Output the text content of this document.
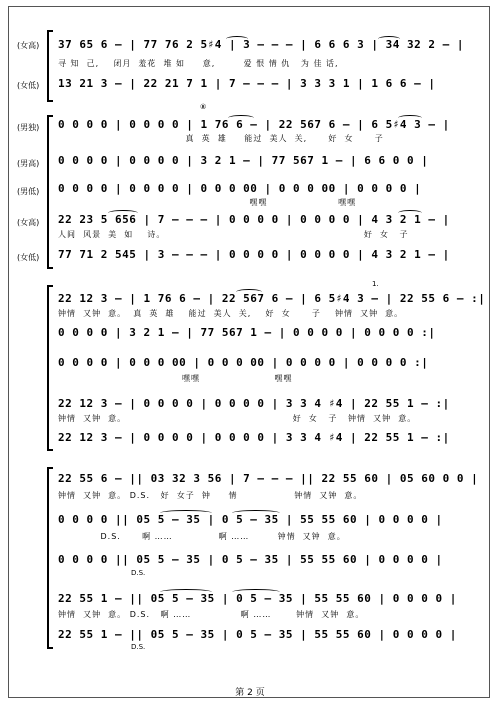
(女高) 37 65 6 – | 77 76 2 5♯4 | 3 – – – | 6 6 6 3 | 34 32 2 – |
寻 知  己,    闭月  羞花  堆 如     意,        爱 恨 情 仇   为 佳 话,
(女低) 13 21 3 – | 22 21 7 1 | 7 – – – | 3 3 3 1 | 1 6 6 – |
⑧
(男独) 0 0 0 0 | 0 0 0 0 | 1 76 6 – | 22 567 6 – | 6 5♯4 3 – |
真  英  雄     能过  美人  关,      好  女      子
(男高) 0 0 0 0 | 0 0 0 0 | 3 2 1 – | 77 567 1 – | 6 6 0 0 |
(男低) 0 0 0 0 | 0 0 0 0 | 0 0 0 00 | 0 0 0 00 | 0 0 0 0 |
嘿嘿                    嘿嘿
(女高) 22 23 5 656 | 7 – – – | 0 0 0 0 | 0 0 0 0 | 4 3 2 1 – |
人间  风景  美  如    诗。                                                        好  女   子
(女低) 77 71 2 545 | 3 – – – | 0 0 0 0 | 0 0 0 0 | 4 3 2 1 – |
1.
22 12 3 – | 1 76 6 – | 22 567 6 – | 6 5♯4 3 – | 22 55 6 – :|
钟情  又钟  意。  真  英  雄    能过  美人  关,    好  女      子    钟情  又钟  意。
0 0 0 0 | 3 2 1 – | 77 567 1 – | 0 0 0 0 | 0 0 0 0 :|
0 0 0 0 | 0 0 0 00 | 0 0 0 00 | 0 0 0 0 | 0 0 0 0 :|
嘿嘿                     嘿嘿
22 12 3 – | 0 0 0 0 | 0 0 0 0 | 3 3 4 ♯4 | 22 55 1 – :|
钟情  又钟  意。                                               好  女   子   钟情  又钟  意。
22 12 3 – | 0 0 0 0 | 0 0 0 0 | 3 3 4 ♯4 | 22 55 1 – :|
22 55 6 – || 03 32 3 56 | 7 – – – || 22 55 60 | 05 60 0 0 |
钟情  又钟  意。 D.S.   好  女子  钟     情                钟情  又钟  意。
0 0 0 0 || 05 5 – 35 | 0 5 – 35 | 55 55 60 | 0 0 0 0 |
D.S.      啊 ……             啊 ……        钟情  又钟  意。
0 0 0 0 || 05 5 – 35 | 0 5 – 35 | 55 55 60 | 0 0 0 0 |
D.S.
22 55 1 – || 05 5 – 35 | 0 5 – 35 | 55 55 60 | 0 0 0 0 |
钟情  又钟  意。 D.S.   啊 ……              啊 ……       钟情  又钟  意。
22 55 1 – || 05 5 – 35 | 0 5 – 35 | 55 55 60 | 0 0 0 0 |
D.S.
第 2 页
